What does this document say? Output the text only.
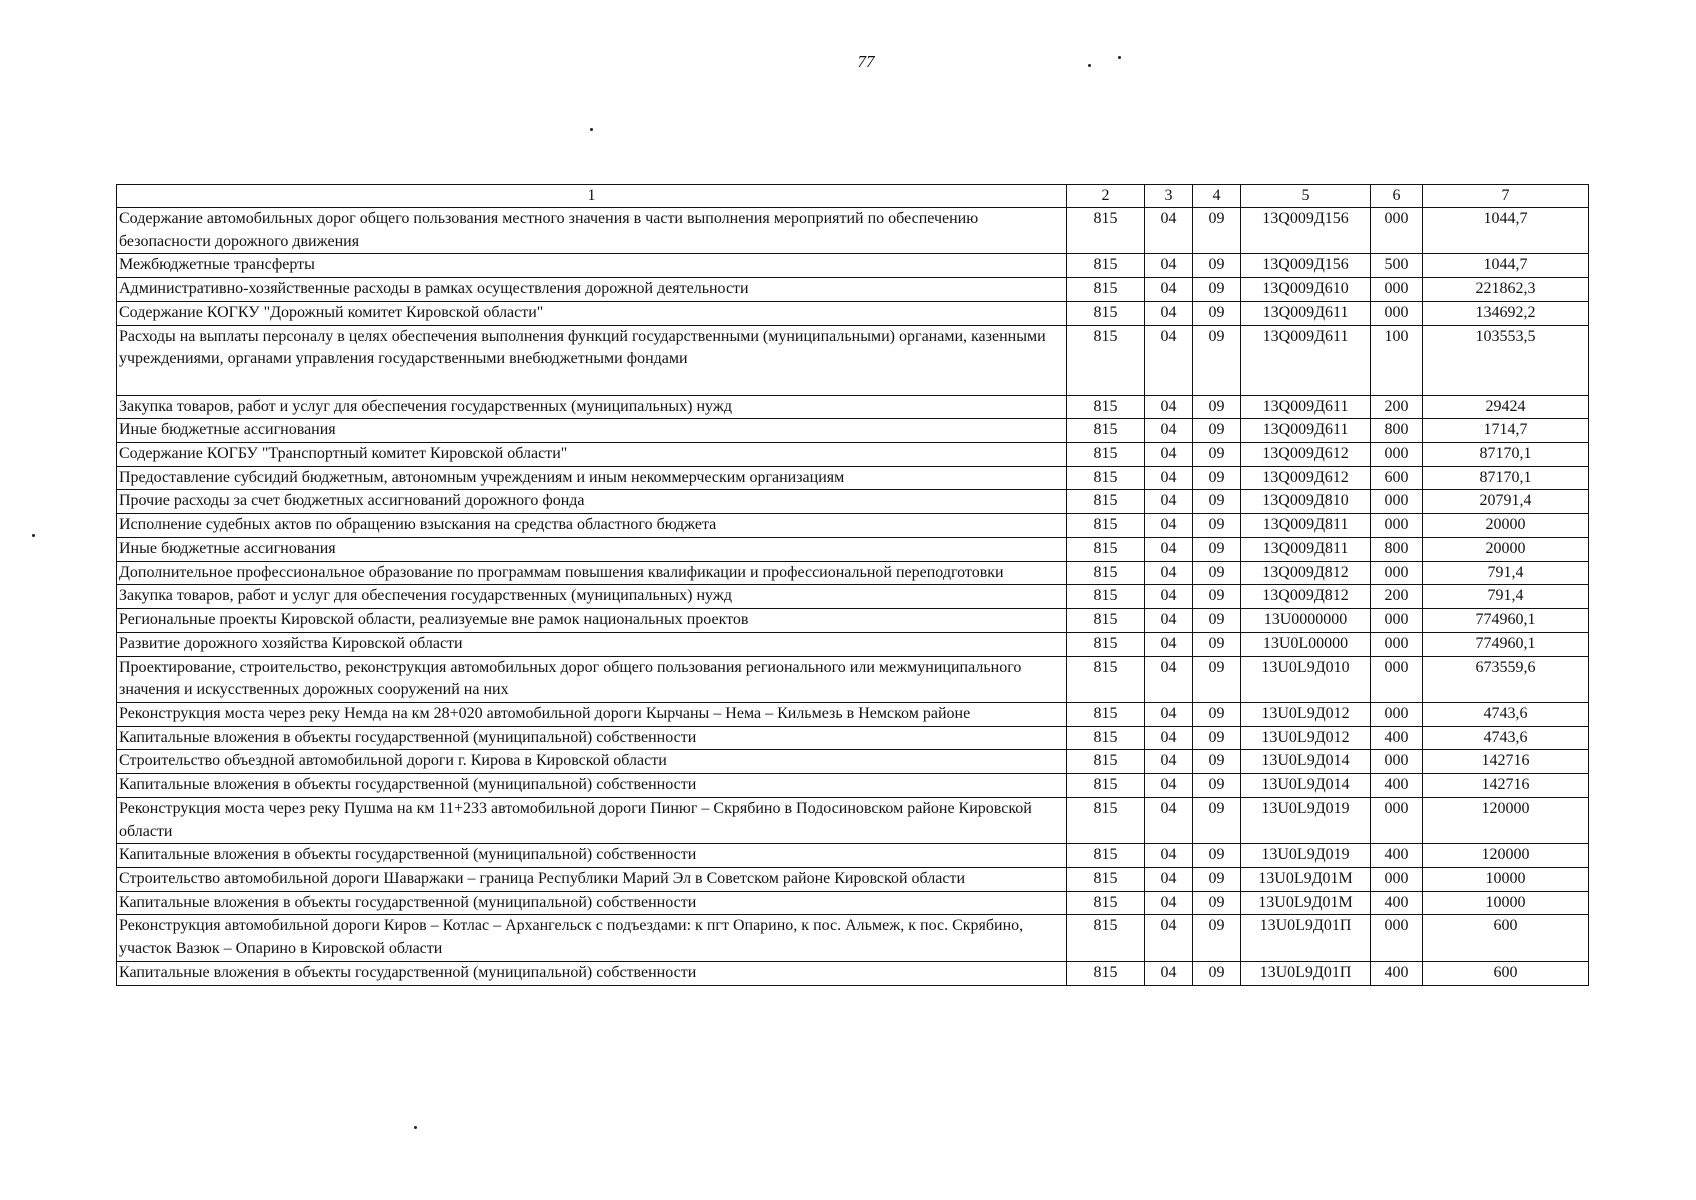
77
1	2	3	4	5	6	7
Содержание автомобильных дорог общего пользования местного значения в части выполнения мероприятий по обеспечению безопасности дорожного движения	815	04	09	13Q009Д156	000	1044,7
Межбюджетные трансферты	815	04	09	13Q009Д156	500	1044,7
Административно-хозяйственные расходы в рамках осуществления дорожной деятельности	815	04	09	13Q009Д610	000	221862,3
Содержание КОГКУ "Дорожный комитет Кировской области"	815	04	09	13Q009Д611	000	134692,2
Расходы на выплаты персоналу в целях обеспечения выполнения функций государственными (муниципальными) органами, казенными учреждениями, органами управления государственными внебюджетными фондами	815	04	09	13Q009Д611	100	103553,5
Закупка товаров, работ и услуг для обеспечения государственных (муниципальных) нужд	815	04	09	13Q009Д611	200	29424
Иные бюджетные ассигнования	815	04	09	13Q009Д611	800	1714,7
Содержание КОГБУ "Транспортный комитет Кировской области"	815	04	09	13Q009Д612	000	87170,1
Предоставление субсидий бюджетным, автономным учреждениям и иным некоммерческим организациям	815	04	09	13Q009Д612	600	87170,1
Прочие расходы за счет бюджетных ассигнований дорожного фонда	815	04	09	13Q009Д810	000	20791,4
Исполнение судебных актов по обращению взыскания на средства областного бюджета	815	04	09	13Q009Д811	000	20000
Иные бюджетные ассигнования	815	04	09	13Q009Д811	800	20000
Дополнительное профессиональное образование по программам повышения квалификации и профессиональной переподготовки	815	04	09	13Q009Д812	000	791,4
Закупка товаров, работ и услуг для обеспечения государственных (муниципальных) нужд	815	04	09	13Q009Д812	200	791,4
Региональные проекты Кировской области, реализуемые вне рамок национальных проектов	815	04	09	13U0000000	000	774960,1
Развитие дорожного хозяйства Кировской области	815	04	09	13U0L00000	000	774960,1
Проектирование, строительство, реконструкция автомобильных дорог общего пользования регионального или межмуниципального значения и искусственных дорожных сооружений на них	815	04	09	13U0L9Д010	000	673559,6
Реконструкция моста через реку Немда на км 28+020 автомобильной дороги Кырчаны – Нема – Кильмезь в Немском районе	815	04	09	13U0L9Д012	000	4743,6
Капитальные вложения в объекты государственной (муниципальной) собственности	815	04	09	13U0L9Д012	400	4743,6
Строительство объездной автомобильной дороги г. Кирова в Кировской области	815	04	09	13U0L9Д014	000	142716
Капитальные вложения в объекты государственной (муниципальной) собственности	815	04	09	13U0L9Д014	400	142716
Реконструкция моста через реку Пушма на км 11+233 автомобильной дороги Пинюг – Скрябино в Подосиновском районе Кировской области	815	04	09	13U0L9Д019	000	120000
Капитальные вложения в объекты государственной (муниципальной) собственности	815	04	09	13U0L9Д019	400	120000
Строительство автомобильной дороги Шаваржаки – граница Республики Марий Эл в Советском районе Кировской области	815	04	09	13U0L9Д01М	000	10000
Капитальные вложения в объекты государственной (муниципальной) собственности	815	04	09	13U0L9Д01М	400	10000
Реконструкция автомобильной дороги Киров – Котлас – Архангельск с подъездами: к пгт Опарино, к пос. Альмеж, к пос. Скрябино, участок Вазюк – Опарино в Кировской области	815	04	09	13U0L9Д01П	000	600
Капитальные вложения в объекты государственной (муниципальной) собственности	815	04	09	13U0L9Д01П	400	600
